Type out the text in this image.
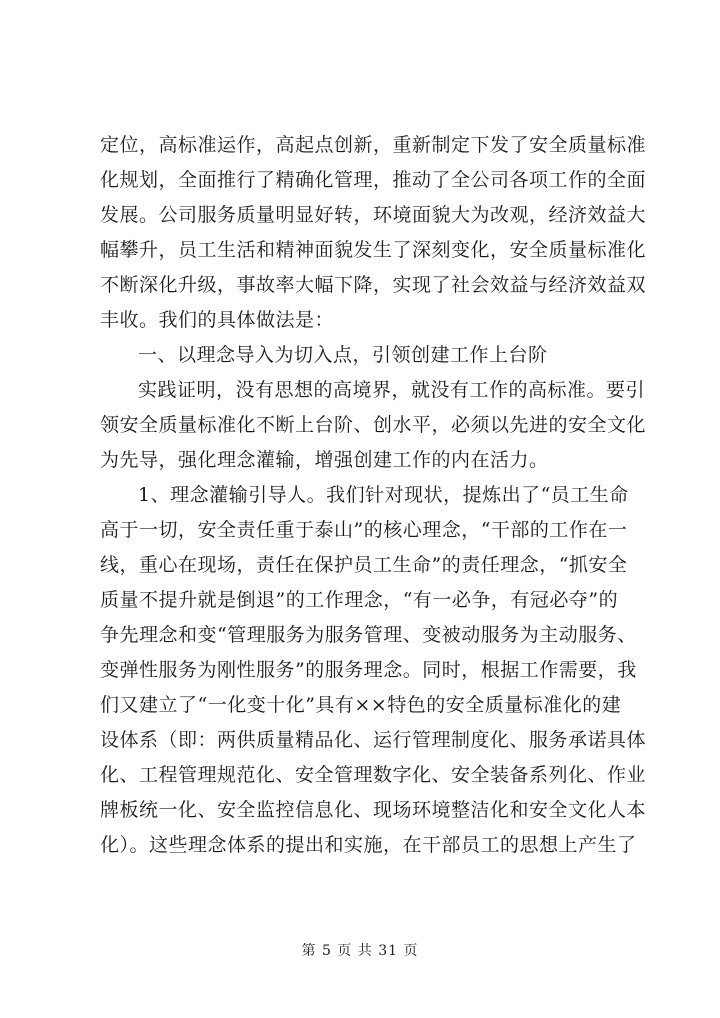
定位，高标准运作，高起点创新，重新制定下发了安全质量标准
化规划，全面推行了精确化管理，推动了全公司各项工作的全面
发展。公司服务质量明显好转，环境面貌大为改观，经济效益大
幅攀升，员工生活和精神面貌发生了深刻变化，安全质量标准化
不断深化升级，事故率大幅下降，实现了社会效益与经济效益双
丰收。我们的具体做法是：
一、以理念导入为切入点，引领创建工作上台阶
实践证明，没有思想的高境界，就没有工作的高标准。要引
领安全质量标准化不断上台阶、创水平，必须以先进的安全文化
为先导，强化理念灌输，增强创建工作的内在活力。
1、理念灌输引导人。我们针对现状，提炼出了“员工生命
高于一切，安全责任重于泰山”的核心理念，“干部的工作在一
线，重心在现场，责任在保护员工生命”的责任理念，“抓安全
质量不提升就是倒退”的工作理念，“有一必争，有冠必夺”的
争先理念和变“管理服务为服务管理、变被动服务为主动服务、
变弹性服务为刚性服务”的服务理念。同时，根据工作需要，我
们又建立了“一化变十化”具有××特色的安全质量标准化的建
设体系（即：两供质量精品化、运行管理制度化、服务承诺具体
化、工程管理规范化、安全管理数字化、安全装备系列化、作业
牌板统一化、安全监控信息化、现场环境整洁化和安全文化人本
化）。这些理念体系的提出和实施，在干部员工的思想上产生了
第 5 页 共 31 页
